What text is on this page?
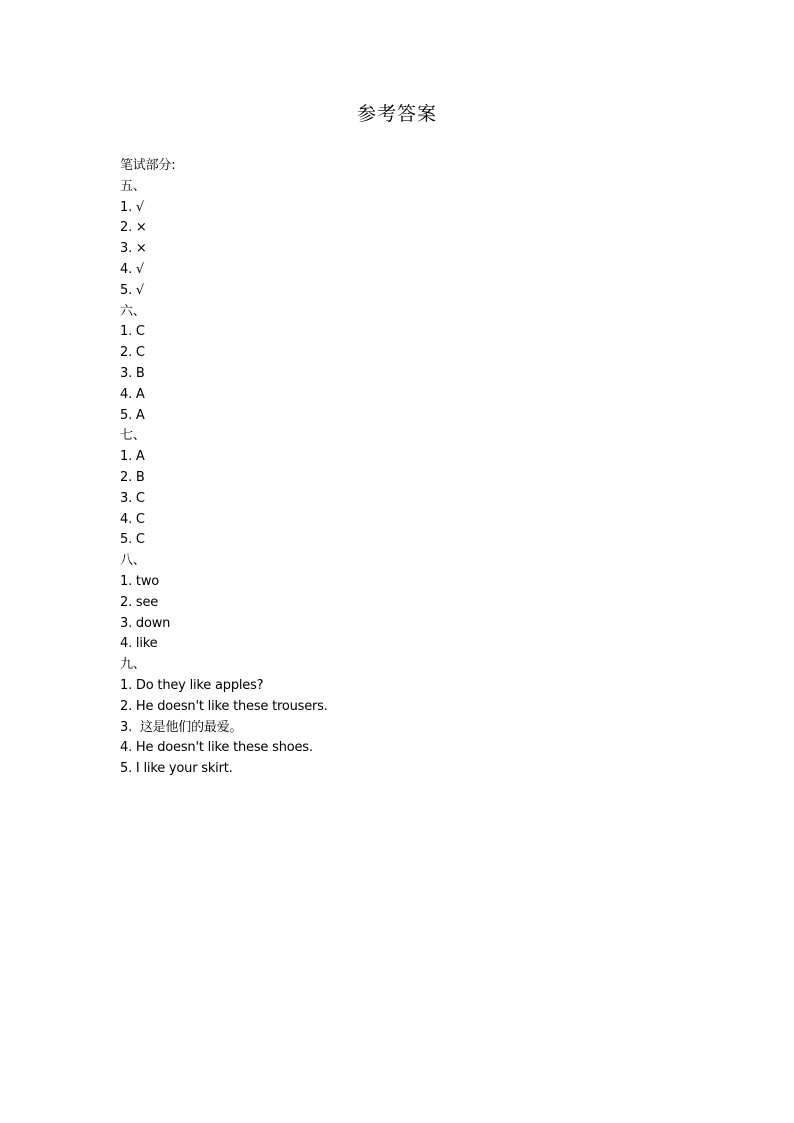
参考答案
笔试部分:
五、
1. √
2. ×
3. ×
4. √
5. √
六、
1. C
2. C
3. B
4. A
5. A
七、
1. A
2. B
3. C
4. C
5. C
八、
1. two
2. see
3. down
4. like
九、
1. Do they like apples?
2. He doesn't like these trousers.
3.  这是他们的最爱。
4. He doesn't like these shoes.
5. I like your skirt.
